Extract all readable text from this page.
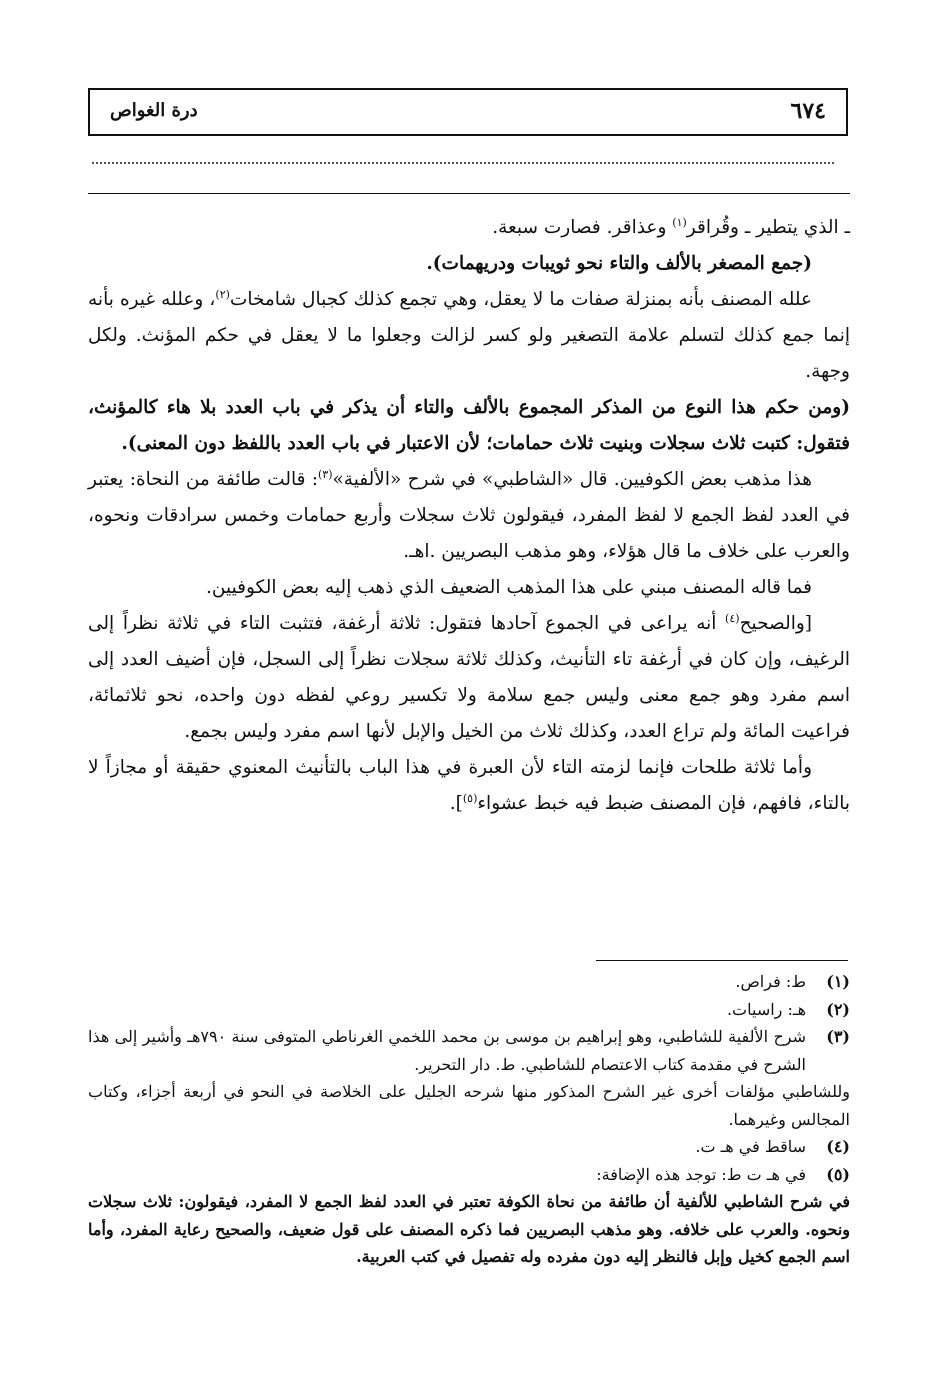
٦٧٤
درة الغواص

ـ الذي يتطير ـ وقُراقر$^{(١)}$ وعذاقر. فصارت سبعة.

(جمع المصغر بالألف والتاء نحو ثويبات ودريهمات).

علله المصنف بأنه بمنزلة صفات ما لا يعقل، وهي تجمع كذلك كجبال شامخات$^{(٢)}$، وعلله غيره بأنه إنما جمع كذلك لتسلم علامة التصغير ولو كسر لزالت وجعلوا ما لا يعقل في حكم المؤنث. ولكل وجهة.

(ومن حكم هذا النوع من المذكر المجموع بالألف والتاء أن يذكر في باب العدد بلا هاء كالمؤنث، فتقول: كتبت ثلاث سجلات وبنيت ثلاث حمامات؛ لأن الاعتبار في باب العدد باللفظ دون المعنى).

هذا مذهب بعض الكوفيين. قال «الشاطبي» في شرح «الألفية»$^{(٣)}$: قالت طائفة من النحاة: يعتبر في العدد لفظ الجمع لا لفظ المفرد، فيقولون ثلاث سجلات وأربع حمامات وخمس سرادقات ونحوه، والعرب على خلاف ما قال هؤلاء، وهو مذهب البصريين .اهـ.

فما قاله المصنف مبني على هذا المذهب الضعيف الذي ذهب إليه بعض الكوفيين.

[والصحيح$^{(٤)}$ أنه يراعى في الجموع آحادها فتقول: ثلاثة أرغفة، فتثبت التاء في ثلاثة نظراً إلى الرغيف، وإن كان في أرغفة تاء التأنيث، وكذلك ثلاثة سجلات نظراً إلى السجل، فإن أضيف العدد إلى اسم مفرد وهو جمع معنى وليس جمع سلامة ولا تكسير روعي لفظه دون واحده، نحو ثلاثمائة، فراعيت المائة ولم تراع العدد، وكذلك ثلاث من الخيل والإبل لأنها اسم مفرد وليس بجمع.

وأما ثلاثة طلحات فإنما لزمته التاء لأن العبرة في هذا الباب بالتأنيث المعنوي حقيقة أو مجازاً لا بالتاء، فافهم، فإن المصنف ضبط فيه خبط عشواء$^{(٥)}$].

(١)
ط: فراص.
(٢)
هـ: راسيات.
(٣)
شرح الألفية للشاطبي، وهو إبراهيم بن موسى بن محمد اللخمي الغرناطي المتوفى سنة ٧٩٠هـ وأشير إلى هذا الشرح في مقدمة كتاب الاعتصام للشاطبي. ط. دار التحرير.
وللشاطبي مؤلفات أخرى غير الشرح المذكور منها شرحه الجليل على الخلاصة في النحو في أربعة أجزاء، وكتاب المجالس وغيرهما.
(٤)
ساقط في هـ ت.
(٥)
في هـ ت ط: توجد هذه الإضافة:
في شرح الشاطبي للألفية أن طائفة من نحاة الكوفة تعتبر في العدد لفظ الجمع لا المفرد، فيقولون: ثلاث سجلات ونحوه. والعرب على خلافه. وهو مذهب البصريين فما ذكره المصنف على قول ضعيف، والصحيح رعاية المفرد، وأما اسم الجمع كخيل وإبل فالنظر إليه دون مفرده وله تفصيل في كتب العربية.
